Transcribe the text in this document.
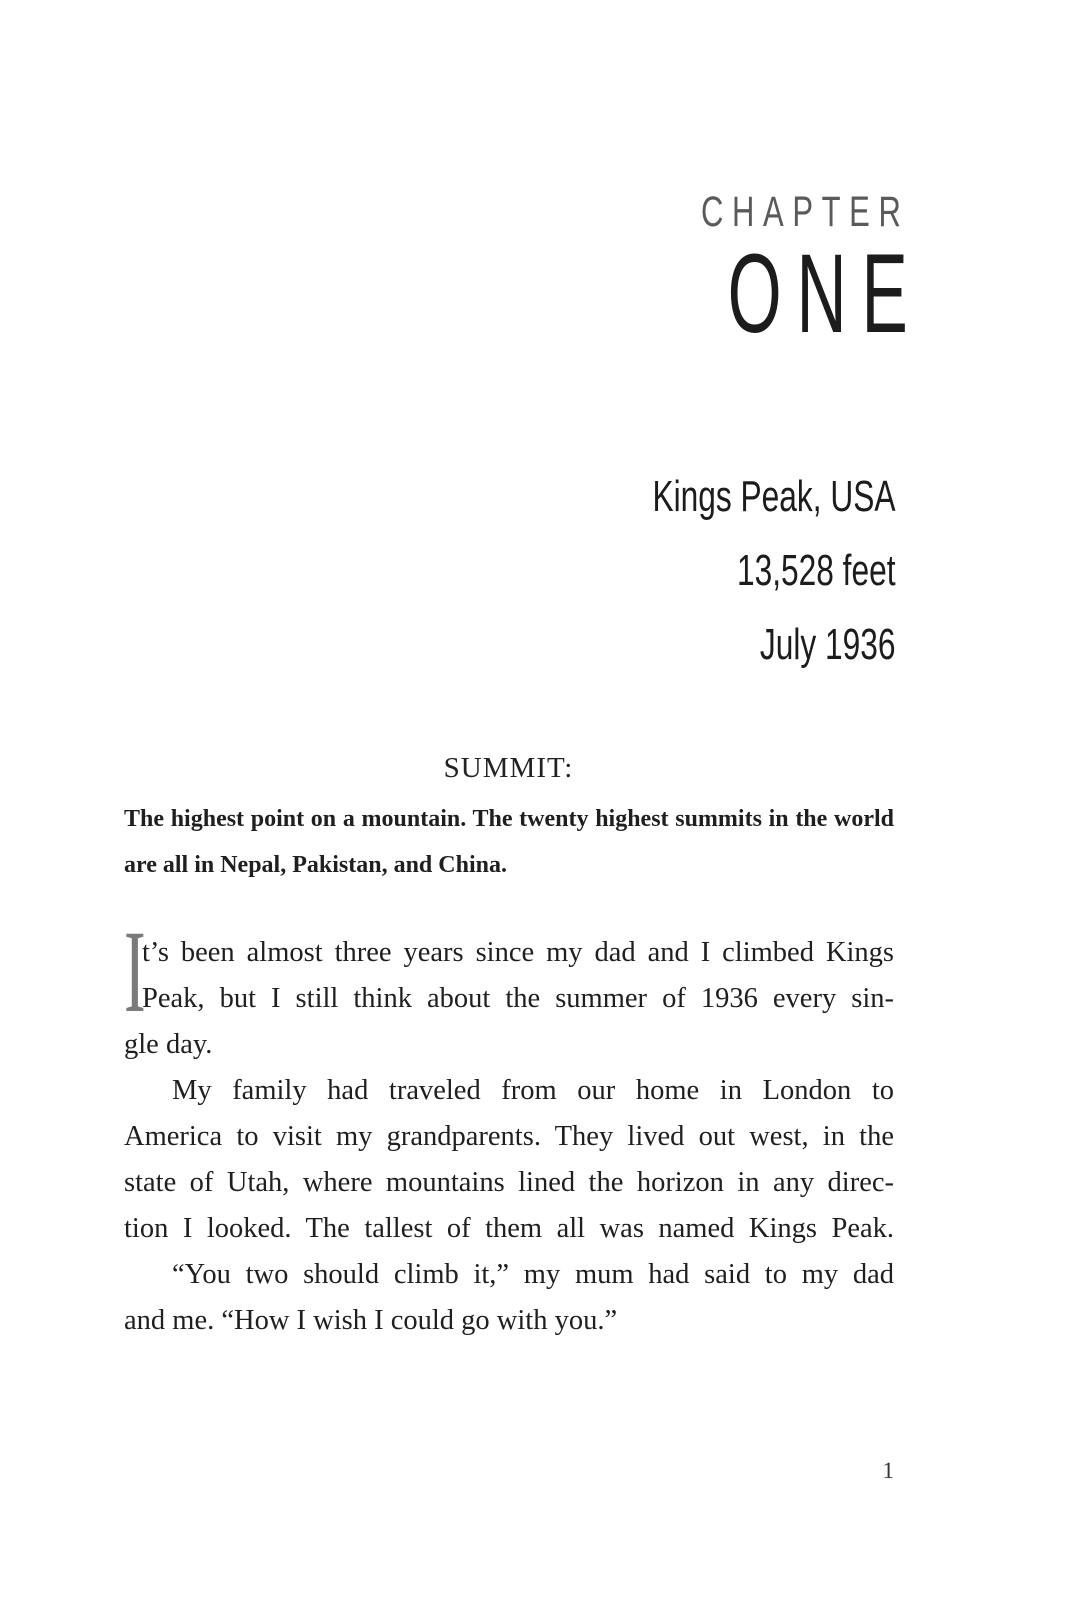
CHAPTER
ONE
Kings Peak, USA
13,528 feet
July 1936
SUMMIT:
The highest point on a mountain. The twenty highest summits in the world are all in Nepal, Pakistan, and China.
I
t’s been almost three years since my dad and I climbed Kings
Peak, but I still think about the summer of 1936 every sin-
gle day.
My family had traveled from our home in London to
America to visit my grandparents. They lived out west, in the
state of Utah, where mountains lined the horizon in any direc-
tion I looked. The tallest of them all was named Kings Peak.
“You two should climb it,” my mum had said to my dad
and me. “How I wish I could go with you.”
1
